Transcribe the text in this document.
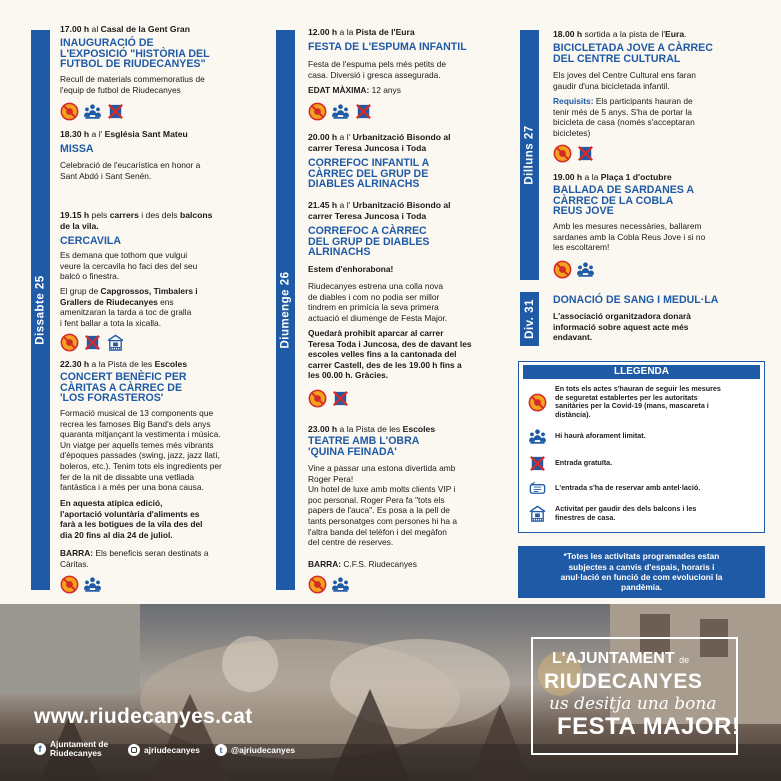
Dissabte 25
17.00 h al Casal de la Gent Gran
INAUGURACIÓ DE
L'EXPOSICIÓ "HISTÒRIA DEL
FUTBOL DE RIUDECANYES"
Recull de materials commemoratius de
l'equip de futbol de Riudecanyes
18.30 h a l' Església Sant Mateu
MISSA
Celebració de l'eucarística en honor a
Sant Abdó i Sant Senén.
19.15 h pels carrers i des dels balcons
de la vila.
CERCAVILA
Es demana que tothom que vulgui
veure la cercavila ho faci des del seu
balcó o finestra.
El grup de Capgrossos, Timbalers i
Grallers de Riudecanyes ens
amenitzaran la tarda a toc de gralla
i fent ballar a tota la xicalla.
22.30 h a la Pista de les Escoles
CONCERT BENÈFIC PER
CÀRITAS A CÀRREC DE
'LOS FORASTEROS'
Formació musical de 13 components que
recrea les famoses Big Band's dels anys
quaranta mitjançant la vestimenta i música.
Un viatge per aquells temes més vibrants
d'èpoques passades (swing, jazz, jazz llatí,
boleros, etc.). Tenim tots els ingredients per
fer de la nit de dissabte una vetllada
fantàstica i a més per una bona causa.
En aquesta atípica edició,
l'aportació voluntària d'aliments es
farà a les botigues de la vila des del
dia 20 fins al dia 24 de juliol.
BARRA: Els beneficis seran destinats a
Càritas.
Diumenge 26
12.00 h a la Pista de l'Eura
FESTA DE L'ESPUMA INFANTIL
Festa de l'espuma pels més petits de
casa. Diversió i gresca assegurada.
EDAT MÀXIMA: 12 anys
20.00 h a l' Urbanització Bisondo al
carrer Teresa Juncosa i Toda
CORREFOC INFANTIL A
CÀRREC DEL GRUP DE
DIABLES ALRINACHS
21.45 h a l' Urbanització Bisondo al
carrer Teresa Juncosa i Toda
CORREFOC A CÀRREC
DEL GRUP DE DIABLES
ALRINACHS
Estem d'enhorabona!
Riudecanyes estrena una colla nova
de diables i com no podia ser millor
tindrem en primícia la seva primera
actuació el diumenge de Festa Major.
Quedarà prohibit aparcar al carrer
Teresa Toda i Juncosa, des de davant les
escoles velles fins a la cantonada del
carrer Castell, des de les 19.00 h fins a
les 00.00 h. Gràcies.
23.00 h a la Pista de les Escoles
TEATRE AMB L'OBRA
'QUINA FEINADA'
Vine a passar una estona divertida amb
Roger Pera!
Un hotel de luxe amb molts clients VIP i
poc personal. Roger Pera fa "tots els
papers de l'auca". Es posa a la pell de
tants personatges com persones hi ha a
l'altra banda del telèfon i del megàfon
del centre de reserves.
BARRA: C.F.S. Riudecanyes
Dilluns 27
18.00 h sortida a la pista de l'Eura.
BICICLETADA JOVE A CÀRREC
DEL CENTRE CULTURAL
Els joves del Centre Cultural ens faran
gaudir d'una bicicletada infantil.
Requisits: Els participants hauran de
tenir més de 5 anys. S'ha de portar la
bicicleta de casa (només s'acceptaran
bicicletes)
19.00 h a la Plaça 1 d'octubre
BALLADA DE SARDANES A
CÀRREC DE LA COBLA
REUS JOVE
Amb les mesures necessàries, ballarem
sardanes amb la Cobla Reus Jove i si no
les escoltarem!
Div. 31 DONACIÓ DE SANG I MEDUL·LA
L'associació organitzadora donarà
informació sobre aquest acte més
endavant.
LLEGENDA
En tots els actes s'hauran de seguir les mesures
de seguretat establertes per les autoritats
sanitàries per la Covid-19 (mans, mascareta i
distància).
Hi haurà aforament limitat.
Entrada gratuïta.
L'entrada s'ha de reservar amb antel·lació.
Activitat per gaudir des dels balcons i les
finestres de casa.
*Totes les activitats programades estan
subjectes a canvis d'espais, horaris i
anul·lació en funció de com evolucioni la
pandèmia.
www.riudecanyes.cat
f	Ajuntament de
Riudecanyes	ajriudecanyes	t	@ajriudecanyes
L'AJUNTAMENT de
RIUDECANYES
us desitja una bona
FESTA MAJOR!
